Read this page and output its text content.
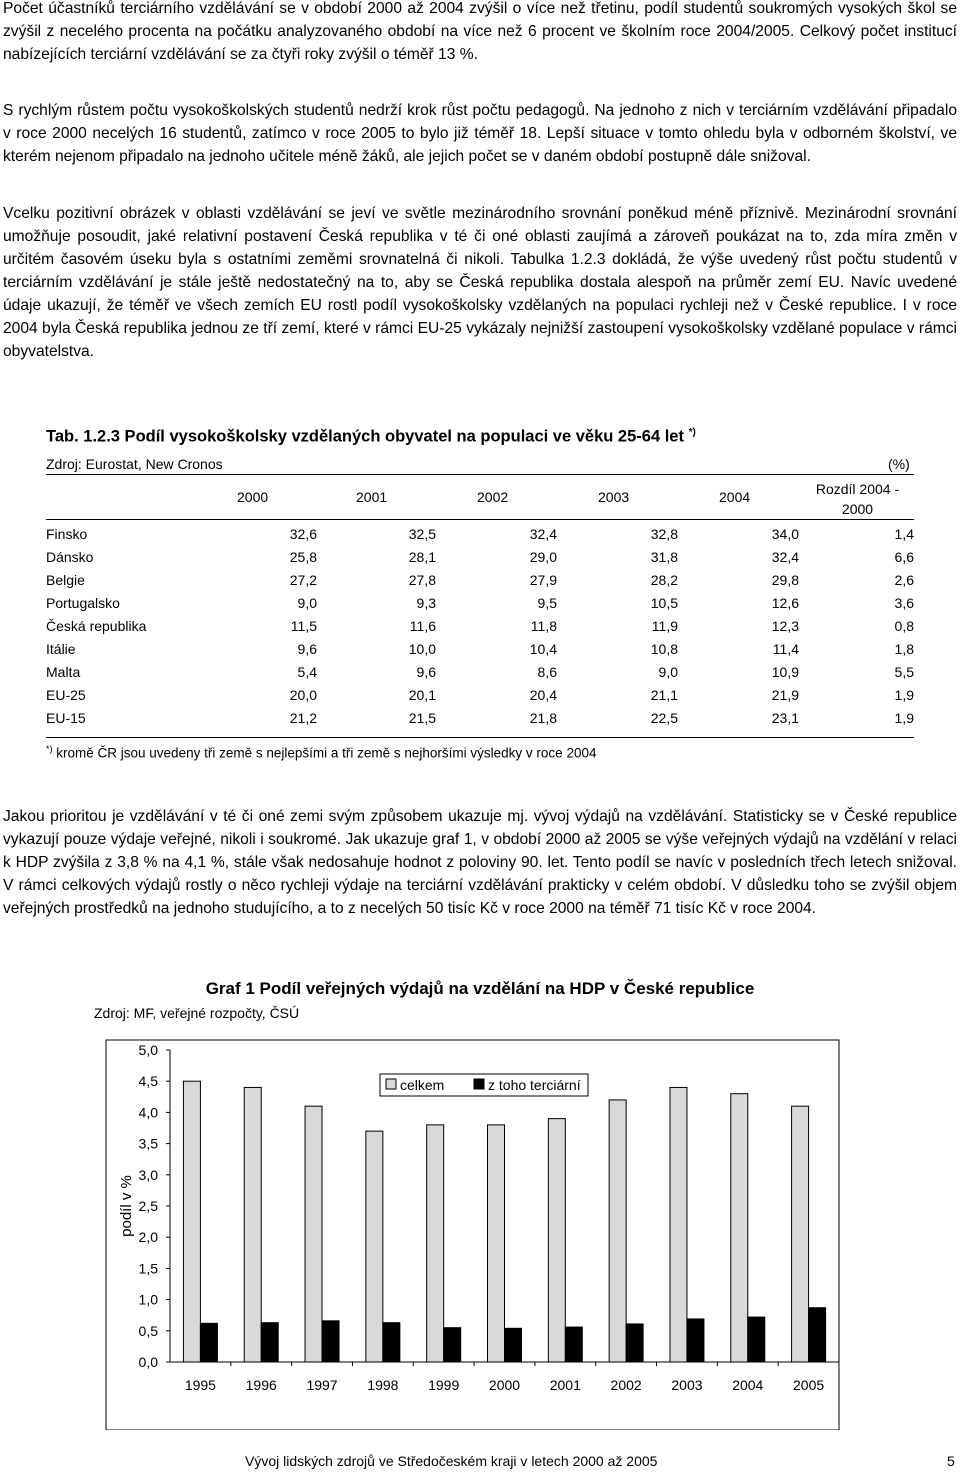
Počet účastníků terciárního vzdělávání se v období 2000 až 2004 zvýšil o více než třetinu, podíl studentů soukromých vysokých škol se zvýšil z necelého procenta na počátku analyzovaného období na více než 6 procent ve školním roce 2004/2005. Celkový počet institucí nabízejících terciární vzdělávání se za čtyři roky zvýšil o téměř 13 %.

S rychlým růstem počtu vysokoškolských studentů nedrží krok růst počtu pedagogů. Na jednoho z nich v terciárním vzdělávání připadalo v roce 2000 necelých 16 studentů, zatímco v roce 2005 to bylo již téměř 18. Lepší situace v tomto ohledu byla v odborném školství, ve kterém nejenom připadalo na jednoho učitele méně žáků, ale jejich počet se v daném období postupně dále snižoval.

Vcelku pozitivní obrázek v oblasti vzdělávání se jeví ve světle mezinárodního srovnání poněkud méně příznivě. Mezinárodní srovnání umožňuje posoudit, jaké relativní postavení Česká republika v té či oné oblasti zaujímá a zároveň poukázat na to, zda míra změn v určitém časovém úseku byla s ostatními zeměmi srovnatelná či nikoli. Tabulka 1.2.3 dokládá, že výše uvedený růst počtu studentů v terciárním vzdělávání je stále ještě nedostatečný na to, aby se Česká republika dostala alespoň na průměr zemí EU. Navíc uvedené údaje ukazují, že téměř ve všech zemích EU rostl podíl vysokoškolsky vzdělaných na populaci rychleji než v České republice. I v roce 2004 byla Česká republika jednou ze tří zemí, které v rámci EU-25 vykázaly nejnižší zastoupení vysokoškolsky vzdělané populace v rámci obyvatelstva.

Tab. 1.2.3 Podíl vysokoškolsky vzdělaných obyvatel na populaci ve věku 25-64 let *)
Zdroj: Eurostat, New Cronos	(%)
2000	2001	2002	2003	2004	Rozdíl 2004 -
2000
Finsko	32,6	32,5	32,4	32,8	34,0	1,4
Dánsko	25,8	28,1	29,0	31,8	32,4	6,6
Belgie	27,2	27,8	27,9	28,2	29,8	2,6
Portugalsko	9,0	9,3	9,5	10,5	12,6	3,6
Česká republika	11,5	11,6	11,8	11,9	12,3	0,8
Itálie	9,6	10,0	10,4	10,8	11,4	1,8
Malta	5,4	9,6	8,6	9,0	10,9	5,5
EU-25	20,0	20,1	20,4	21,1	21,9	1,9
EU-15	21,2	21,5	21,8	22,5	23,1	1,9
*) kromě ČR jsou uvedeny tři země s nejlepšími a tři země s nejhoršími výsledky v roce 2004

Jakou prioritou je vzdělávání v té či oné zemi svým způsobem ukazuje mj. vývoj výdajů na vzdělávání. Statisticky se v České republice vykazují pouze výdaje veřejné, nikoli i soukromé. Jak ukazuje graf 1, v období 2000 až 2005 se výše veřejných výdajů na vzdělání v relaci k HDP zvýšila z 3,8 % na 4,1 %, stále však nedosahuje hodnot z poloviny 90. let. Tento podíl se navíc v posledních třech letech snižoval. V rámci celkových výdajů rostly o něco rychleji výdaje na terciární vzdělávání prakticky v celém období. V důsledku toho se zvýšil objem veřejných prostředků na jednoho studujícího, a to z necelých 50 tisíc Kč v roce 2000 na téměř 71 tisíc Kč v roce 2004.

Graf 1 Podíl veřejných výdajů na vzdělání na HDP v České republice
Zdroj: MF, veřejné rozpočty, ČSÚ
0,0
0,5
1,0
1,5
2,0
2,5
3,0
3,5
4,0
4,5
5,0
podíl v %
1995 1996 1997 1998 1999 2000 2001 2002 2003 2004 2005
celkem	z toho terciární
Vývoj lidských zdrojů ve Středočeském kraji v letech 2000 až 2005	5
